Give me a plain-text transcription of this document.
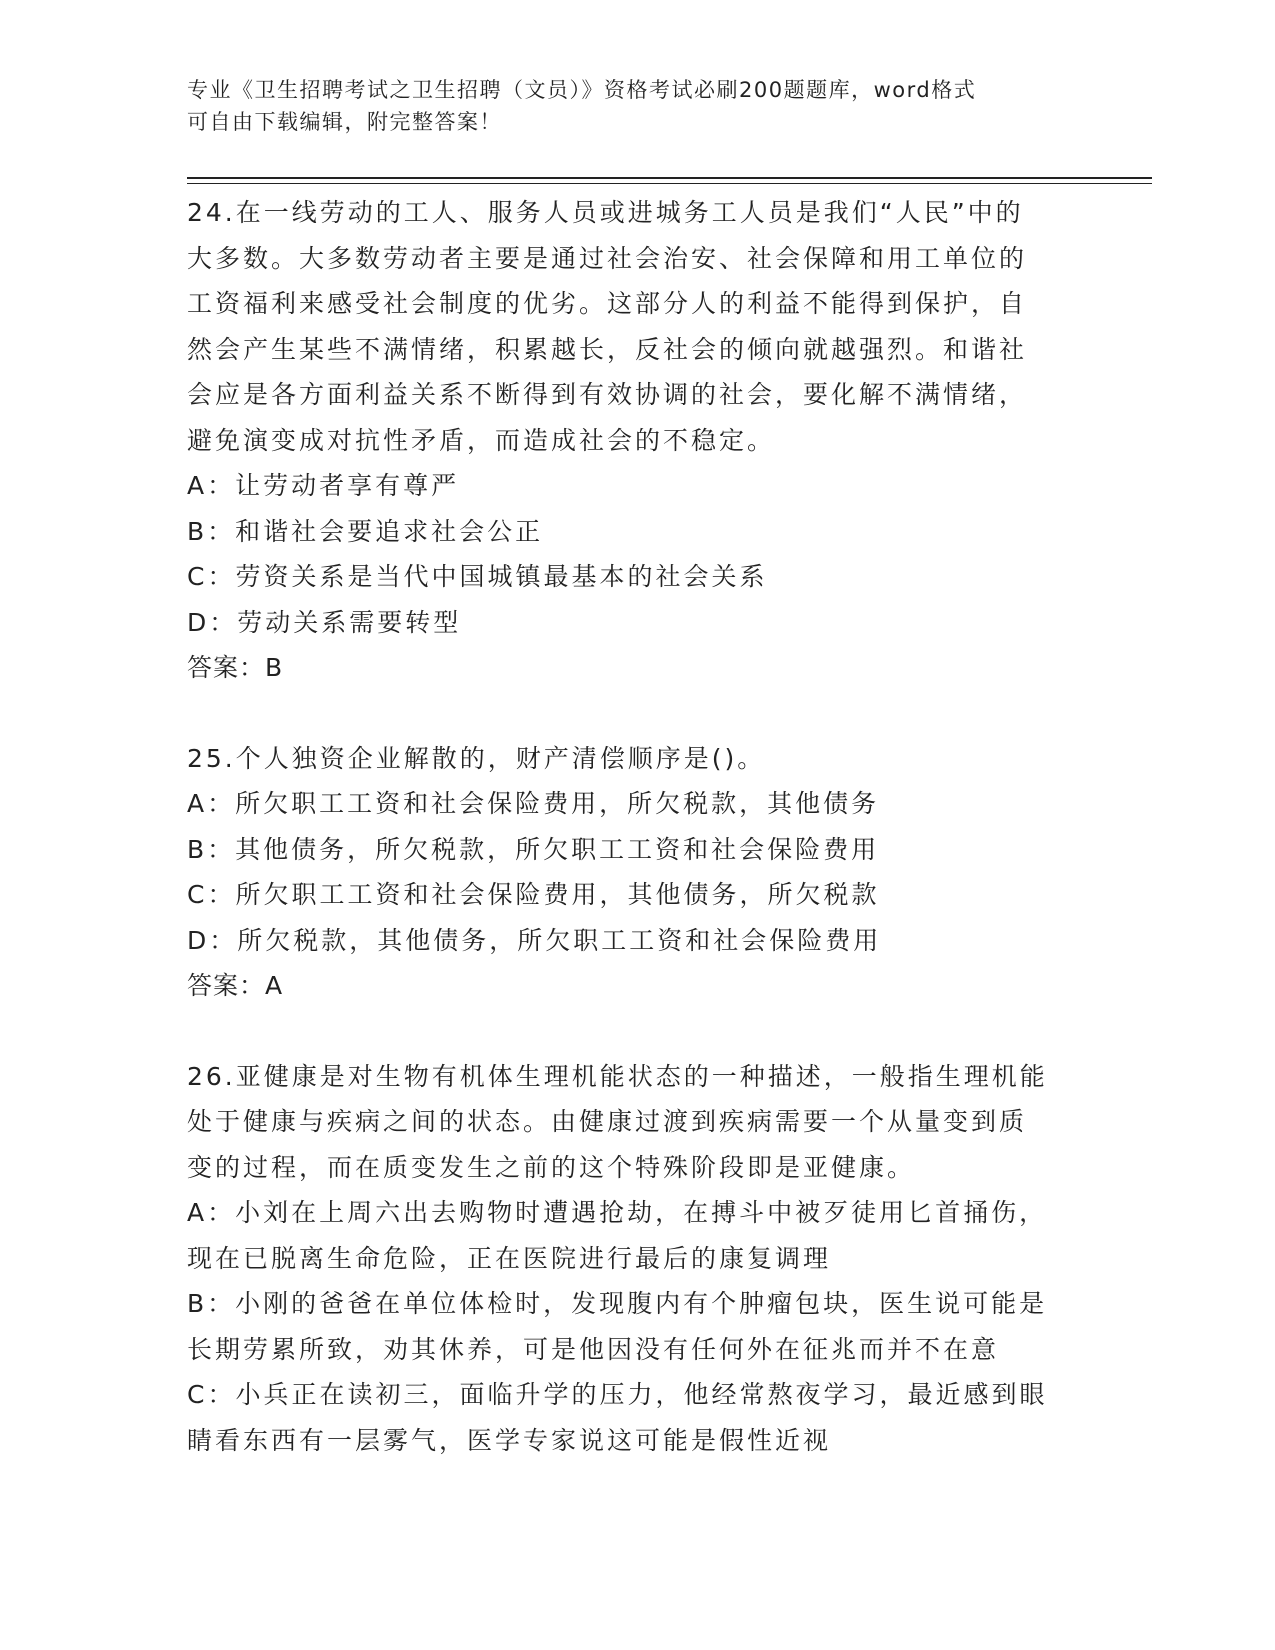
专业《卫生招聘考试之卫生招聘（文员）》资格考试必刷200题题库，word格式
可自由下载编辑，附完整答案！

24.在一线劳动的工人、服务人员或进城务工人员是我们“人民”中的

大多数。大多数劳动者主要是通过社会治安、社会保障和用工单位的

工资福利来感受社会制度的优劣。这部分人的利益不能得到保护，自

然会产生某些不满情绪，积累越长，反社会的倾向就越强烈。和谐社

会应是各方面利益关系不断得到有效协调的社会，要化解不满情绪，

避免演变成对抗性矛盾，而造成社会的不稳定。

A：让劳动者享有尊严

B：和谐社会要追求社会公正

C：劳资关系是当代中国城镇最基本的社会关系

D：劳动关系需要转型

答案：B

25.个人独资企业解散的，财产清偿顺序是()。

A：所欠职工工资和社会保险费用，所欠税款，其他债务

B：其他债务，所欠税款，所欠职工工资和社会保险费用

C：所欠职工工资和社会保险费用，其他债务，所欠税款

D：所欠税款，其他债务，所欠职工工资和社会保险费用

答案：A

26.亚健康是对生物有机体生理机能状态的一种描述，一般指生理机能

处于健康与疾病之间的状态。由健康过渡到疾病需要一个从量变到质

变的过程，而在质变发生之前的这个特殊阶段即是亚健康。

A：小刘在上周六出去购物时遭遇抢劫，在搏斗中被歹徒用匕首捅伤，

现在已脱离生命危险，正在医院进行最后的康复调理

B：小刚的爸爸在单位体检时，发现腹内有个肿瘤包块，医生说可能是

长期劳累所致，劝其休养，可是他因没有任何外在征兆而并不在意

C：小兵正在读初三，面临升学的压力，他经常熬夜学习，最近感到眼

睛看东西有一层雾气，医学专家说这可能是假性近视
